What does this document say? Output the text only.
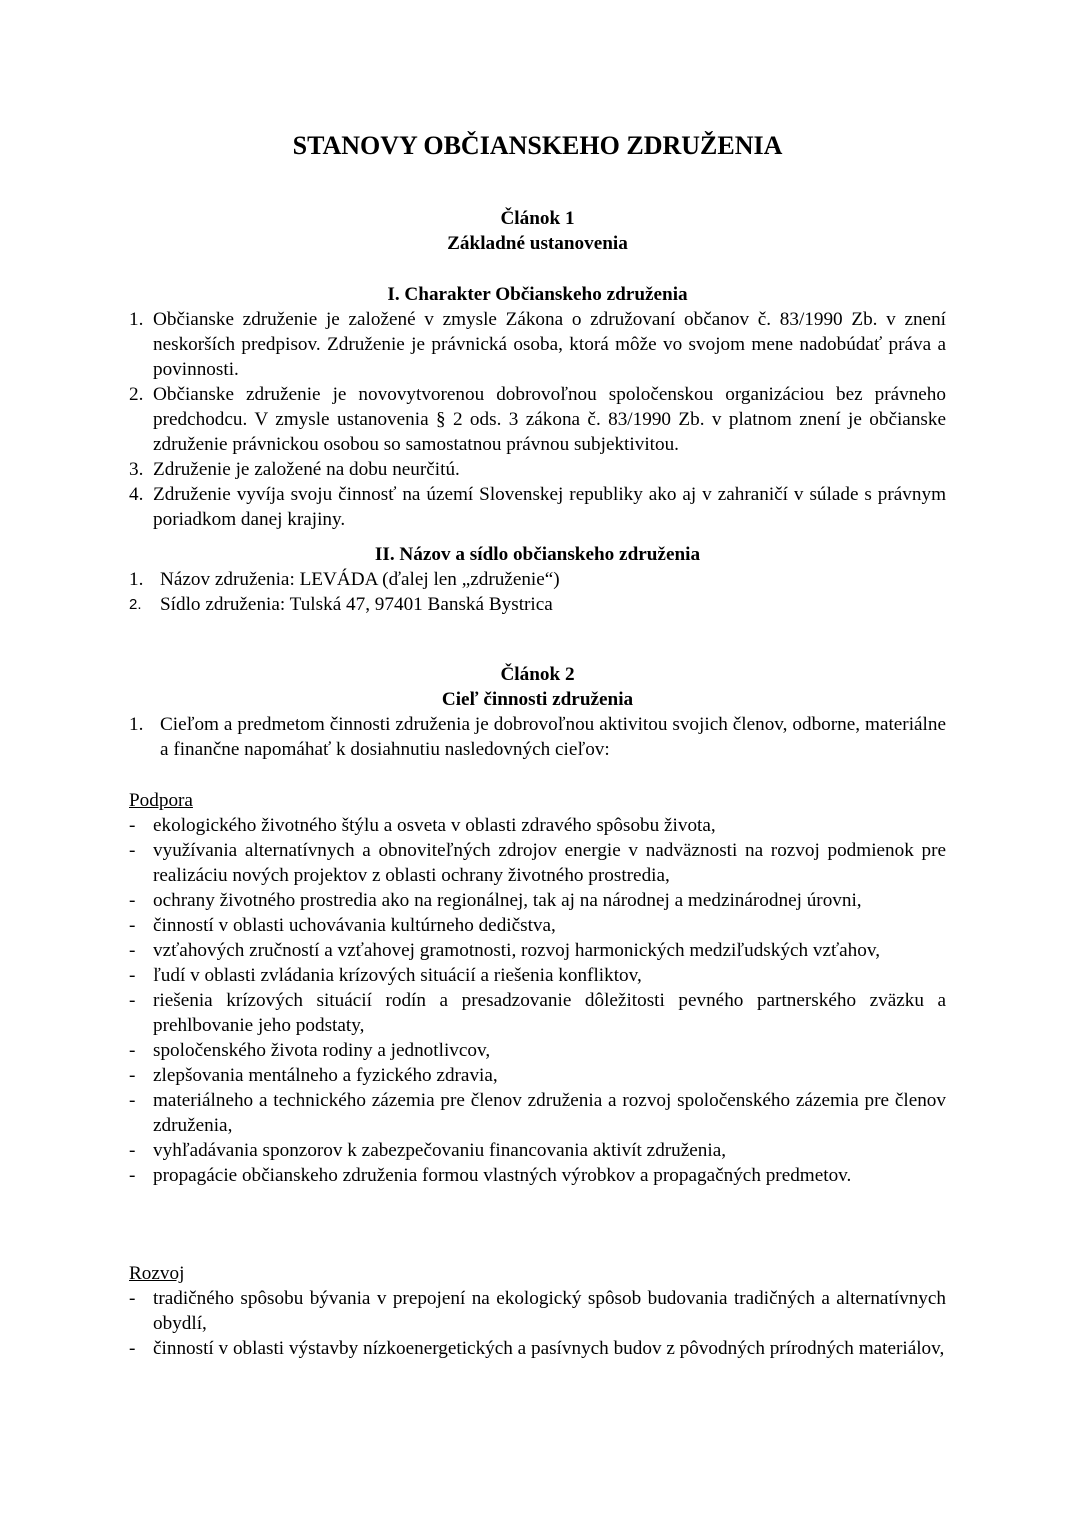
STANOVY OBČIANSKEHO ZDRUŽENIA

Článok 1

Základné ustanovenia

I. Charakter Občianskeho združenia

1. Občianske združenie je založené v zmysle Zákona o združovaní občanov č. 83/1990 Zb. v znení neskorších predpisov. Združenie je právnická osoba, ktorá môže vo svojom mene nadobúdať práva a povinnosti.
2. Občianske združenie je novovytvorenou dobrovoľnou spoločenskou organizáciou bez právneho predchodcu. V zmysle ustanovenia § 2 ods. 3 zákona č. 83/1990 Zb. v platnom znení je občianske združenie právnickou osobou so samostatnou právnou subjektivitou.
3. Združenie je založené na dobu neurčitú.
4. Združenie vyvíja svoju činnosť na území Slovenskej republiky ako aj v zahraničí v súlade s právnym poriadkom danej krajiny.

II. Názov a sídlo občianskeho združenia

1. Názov združenia: LEVÁDA (ďalej len „združenie“)
2. Sídlo združenia: Tulská 47, 97401 Banská Bystrica

Článok 2

Cieľ činnosti združenia

1. Cieľom a predmetom činnosti združenia je dobrovoľnou aktivitou svojich členov, odborne, materiálne a finančne napomáhať k dosiahnutiu nasledovných cieľov:

Podpora

- ekologického životného štýlu a osveta v oblasti zdravého spôsobu života,
- využívania alternatívnych a obnoviteľných zdrojov energie v nadväznosti na rozvoj podmienok pre realizáciu nových projektov z oblasti ochrany životného prostredia,
- ochrany životného prostredia ako na regionálnej, tak aj na národnej a medzinárodnej úrovni,
- činností v oblasti uchovávania kultúrneho dedičstva,
- vzťahových zručností a vzťahovej gramotnosti, rozvoj harmonických medziľudských vzťahov,
- ľudí v oblasti zvládania krízových situácií a riešenia konfliktov,
- riešenia krízových situácií rodín a presadzovanie dôležitosti pevného partnerského zväzku a prehlbovanie jeho podstaty,
- spoločenského života rodiny a jednotlivcov,
- zlepšovania mentálneho a fyzického zdravia,
- materiálneho a technického zázemia pre členov združenia a rozvoj spoločenského zázemia pre členov združenia,
- vyhľadávania sponzorov k zabezpečovaniu financovania aktivít združenia,
- propagácie občianskeho združenia formou vlastných výrobkov a propagačných predmetov.

Rozvoj

- tradičného spôsobu bývania v prepojení na ekologický spôsob budovania tradičných a alternatívnych obydlí,
- činností v oblasti výstavby nízkoenergetických a pasívnych budov z pôvodných prírodných materiálov,
